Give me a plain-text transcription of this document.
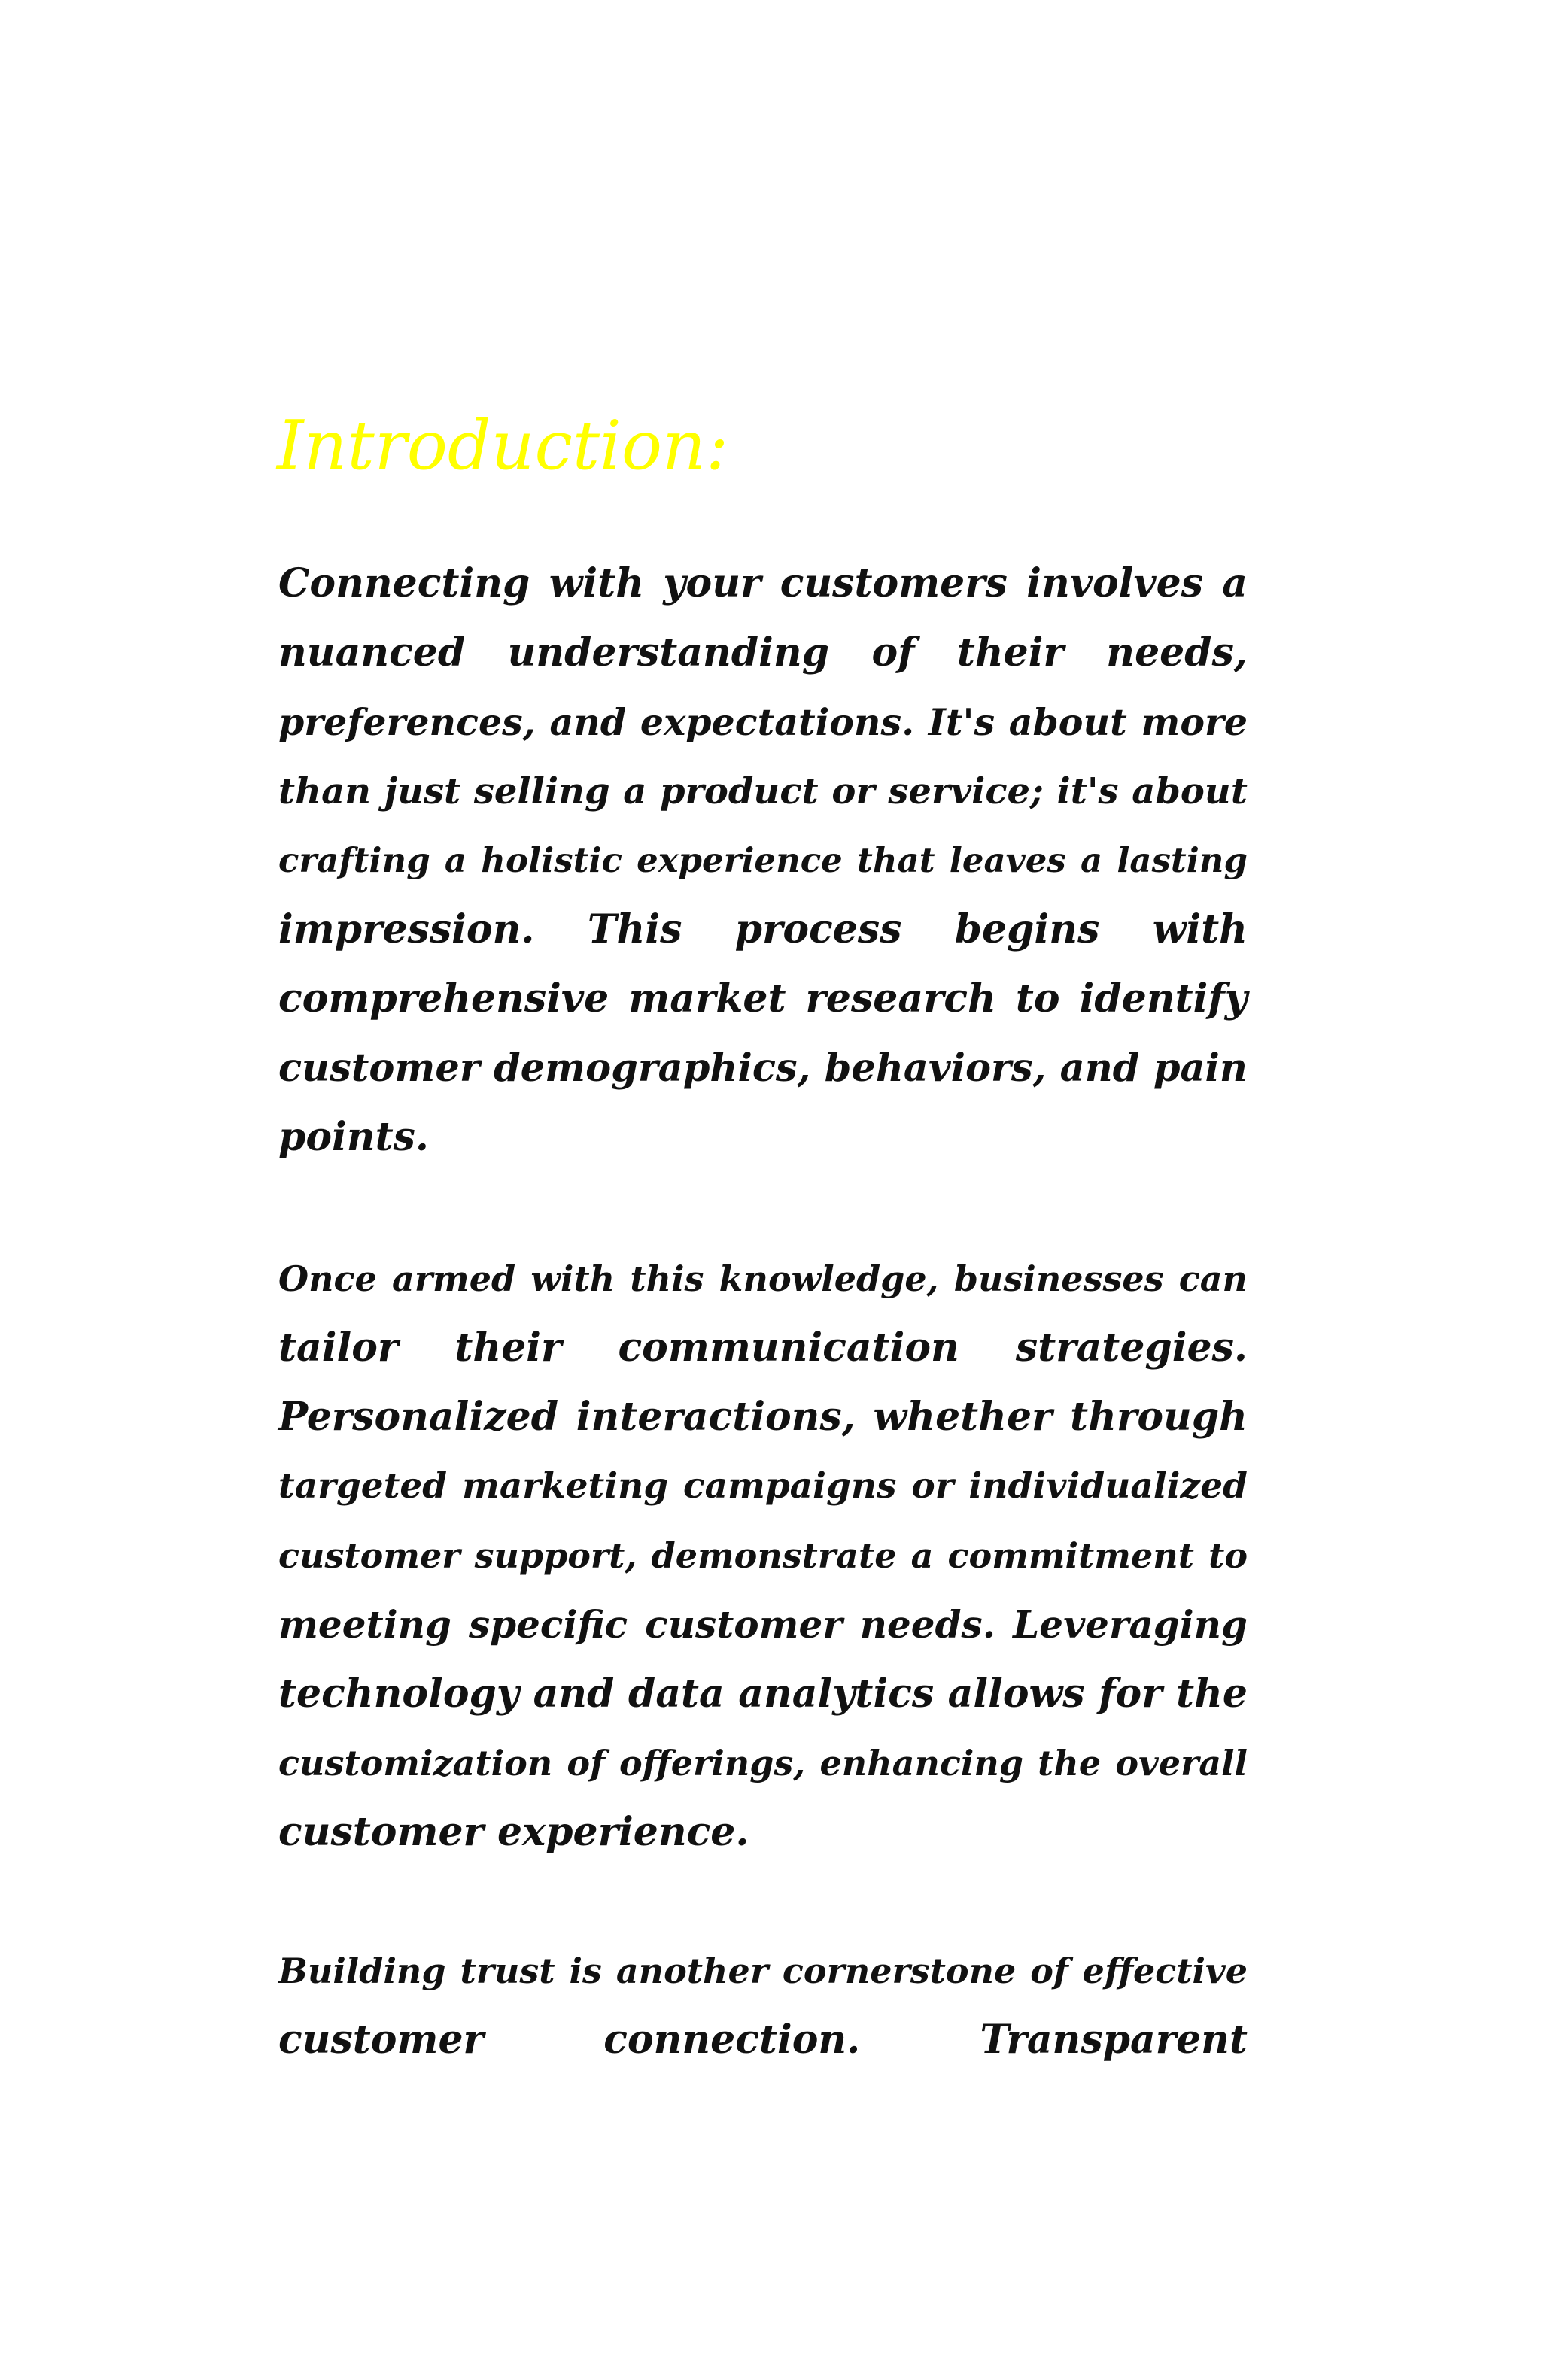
Introduction:
Connecting with your customers involves a
nuanced understanding of their needs,
preferences, and expectations. It's about more
than just selling a product or service; it's about
crafting a holistic experience that leaves a lasting
impression. This process begins with
comprehensive market research to identify
customer demographics, behaviors, and pain
points.
Once armed with this knowledge, businesses can
tailor their communication strategies.
Personalized interactions, whether through
targeted marketing campaigns or individualized
customer support, demonstrate a commitment to
meeting specific customer needs. Leveraging
technology and data analytics allows for the
customization of offerings, enhancing the overall
customer experience.
Building trust is another cornerstone of effective
customer connection. Transparent
